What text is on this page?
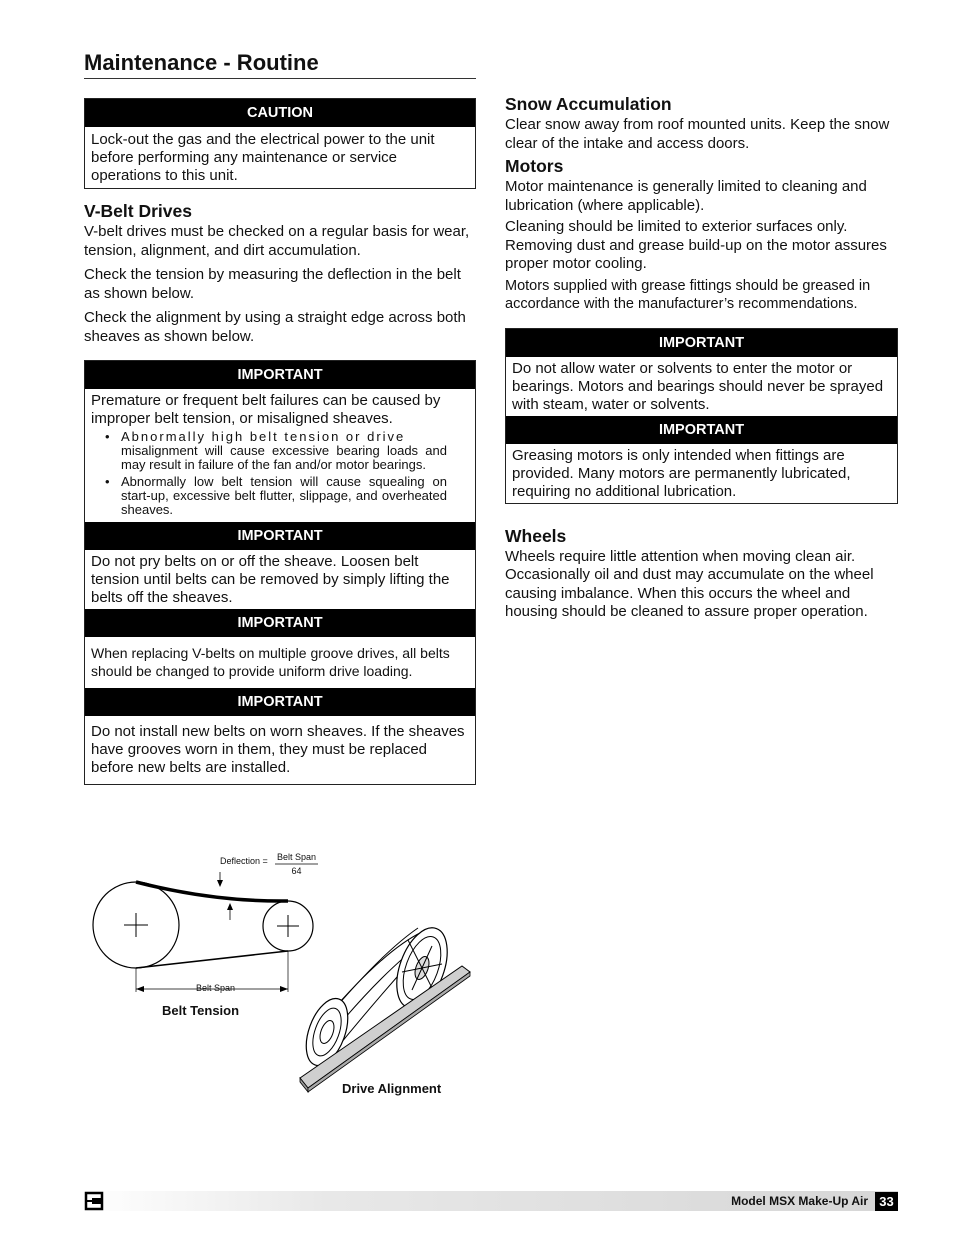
Maintenance - Routine
CAUTION
Lock-out the gas and the electrical power to the unit before performing any maintenance or service operations to this unit.
V-Belt Drives

V-belt drives must be checked on a regular basis for wear, tension, alignment, and dirt accumulation.

Check the tension by measuring the deflection in the belt as shown below.

Check the alignment by using a straight edge across both sheaves as shown below.

IMPORTANT
Premature or frequent belt failures can be caused by improper belt tension, or misaligned sheaves.
• Abnormally high belt tension or drive
misalignment will cause excessive bearing loads and may result in failure of the fan and/or motor bearings.
• Abnormally low belt tension will cause squealing on start-up, excessive belt flutter, slippage, and overheated sheaves.
IMPORTANT
Do not pry belts on or off the sheave. Loosen belt tension until belts can be removed by simply lifting the belts off the sheaves.
IMPORTANT
When replacing V-belts on multiple groove drives, all belts should be changed to provide uniform drive loading.
IMPORTANT
Do not install new belts on worn sheaves. If the sheaves have grooves worn in them, they must be replaced before new belts are installed.
Deflection = Belt Span
64
Belt Span
Belt Tension
Drive Alignment
Snow Accumulation

Clear snow away from roof mounted units. Keep the snow clear of the intake and access doors.

Motors

Motor maintenance is generally limited to cleaning and lubrication (where applicable).

Cleaning should be limited to exterior surfaces only. Removing dust and grease build-up on the motor assures proper motor cooling.

Motors supplied with grease fittings should be greased in accordance with the manufacturer’s recommendations.

IMPORTANT
Do not allow water or solvents to enter the motor or bearings. Motors and bearings should never be sprayed with steam, water or solvents.
IMPORTANT
Greasing motors is only intended when fittings are provided. Many motors are permanently lubricated, requiring no additional lubrication.
Wheels

Wheels require little attention when moving clean air. Occasionally oil and dust may accumulate on the wheel causing imbalance. When this occurs the wheel and housing should be cleaned to assure proper operation.

Model MSX Make-Up Air 33
